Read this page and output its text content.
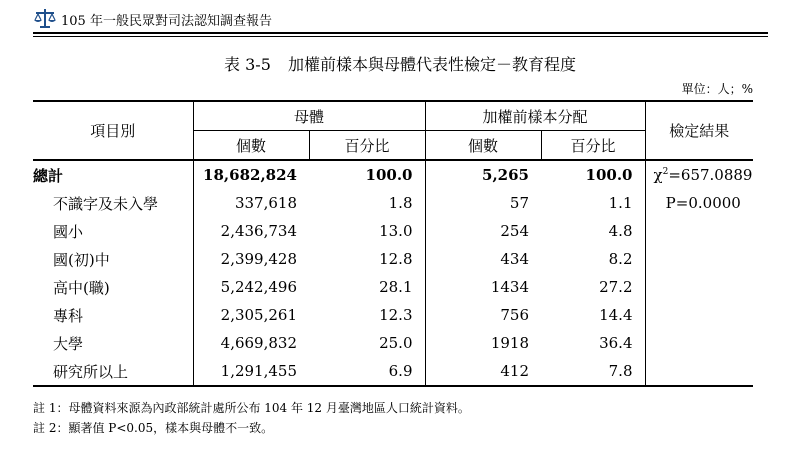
105 年一般民眾對司法認知調查報告
表 3-5 加權前樣本與母體代表性檢定－教育程度
單位：人；%
項目別	母體		加權前樣本分配		檢定結果
	個數	百分比	個數	百分比	
總計	18,682,824	100.0	5,265	100.0	$\chi^2=657.0889$
不識字及未入學	337,618	1.8	57	1.1	P=0.0000
國小	2,436,734	13.0	254	4.8	
國(初)中	2,399,428	12.8	434	8.2	
高中(職)	5,242,496	28.1	1434	27.2	
專科	2,305,261	12.3	756	14.4	
大學	4,669,832	25.0	1918	36.4	
研究所以上	1,291,455	6.9	412	7.8	
註 1：母體資料來源為內政部統計處所公布 104 年 12 月臺灣地區人口統計資料。
註 2：顯著值 P<0.05，樣本與母體不一致。
